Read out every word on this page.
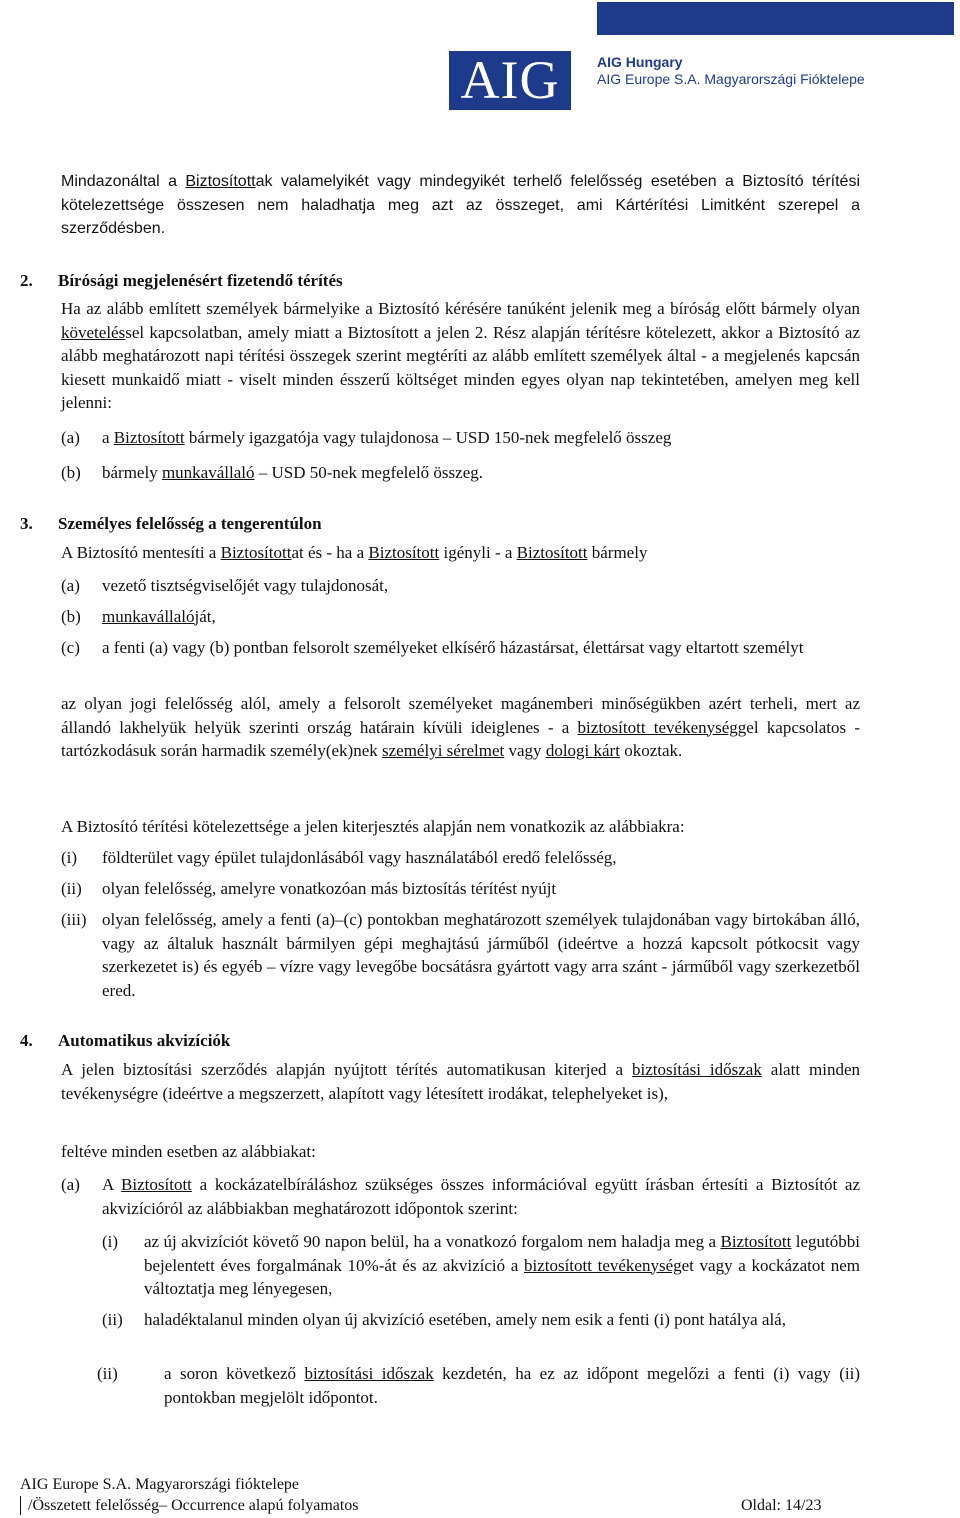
AIG	AIG Hungary
AIG Europe S.A. Magyarországi Fióktelepe
Mindazonáltal a Biztosítottak valamelyikét vagy mindegyikét terhelő felelősség esetében a Biztosító térítési kötelezettsége összesen nem haladhatja meg azt az összeget, ami Kártérítési Limitként szerepel a szerződésben.
2. Bírósági megjelenésért fizetendő térítés
Ha az alább említett személyek bármelyike a Biztosító kérésére tanúként jelenik meg a bíróság előtt bármely olyan követeléssel kapcsolatban, amely miatt a Biztosított a jelen 2. Rész alapján térítésre kötelezett, akkor a Biztosító az alább meghatározott napi térítési összegek szerint megtéríti az alább említett személyek által - a megjelenés kapcsán kiesett munkaidő miatt - viselt minden ésszerű költséget minden egyes olyan nap tekintetében, amelyen meg kell jelenni:
(a) a Biztosított bármely igazgatója vagy tulajdonosa – USD 150-nek megfelelő összeg
(b) bármely munkavállaló – USD 50-nek megfelelő összeg.
3. Személyes felelősség a tengerentúlon
A Biztosító mentesíti a Biztosítottat és - ha a Biztosított igényli - a Biztosított bármely
(a) vezető tisztségviselőjét vagy tulajdonosát,
(b) munkavállalóját,
(c) a fenti (a) vagy (b) pontban felsorolt személyeket elkísérő házastársat, élettársat vagy eltartott személyt
az olyan jogi felelősség alól, amely a felsorolt személyeket magánemberi minőségükben azért terheli, mert az állandó lakhelyük helyük szerinti ország határain kívüli ideiglenes - a biztosított tevékenységgel kapcsolatos -tartózkodásuk során harmadik személy(ek)nek személyi sérelmet vagy dologi kárt okoztak.
A Biztosító térítési kötelezettsége a jelen kiterjesztés alapján nem vonatkozik az alábbiakra:
(i) földterület vagy épület tulajdonlásából vagy használatából eredő felelősség,
(ii) olyan felelősség, amelyre vonatkozóan más biztosítás térítést nyújt
(iii) olyan felelősség, amely a fenti (a)–(c) pontokban meghatározott személyek tulajdonában vagy birtokában álló, vagy az általuk használt bármilyen gépi meghajtású járműből (ideértve a hozzá kapcsolt pótkocsit vagy szerkezetet is) és egyéb – vízre vagy levegőbe bocsátásra gyártott vagy arra szánt - járműből vagy szerkezetből ered.
4. Automatikus akvizíciók
A jelen biztosítási szerződés alapján nyújtott térítés automatikusan kiterjed a biztosítási időszak alatt minden tevékenységre (ideértve a megszerzett, alapított vagy létesített irodákat, telephelyeket is),
feltéve minden esetben az alábbiakat:
(a) A Biztosított a kockázatelbíráláshoz szükséges összes információval együtt írásban értesíti a Biztosítót az akvizícióról az alábbiakban meghatározott időpontok szerint:
(i) az új akvizíciót követő 90 napon belül, ha a vonatkozó forgalom nem haladja meg a Biztosított legutóbbi bejelentett éves forgalmának 10%-át és az akvizíció a biztosított tevékenységet vagy a kockázatot nem változtatja meg lényegesen,
(ii) haladéktalanul minden olyan új akvizíció esetében, amely nem esik a fenti (i) pont hatálya alá,
(ii)	a soron következő biztosítási időszak kezdetén, ha ez az időpont megelőzi a fenti (i) vagy (ii) pontokban megjelölt időpontot.
AIG Europe S.A. Magyarországi fióktelepe
/Összetett felelősség– Occurrence alapú folyamatos	Oldal: 14/23
